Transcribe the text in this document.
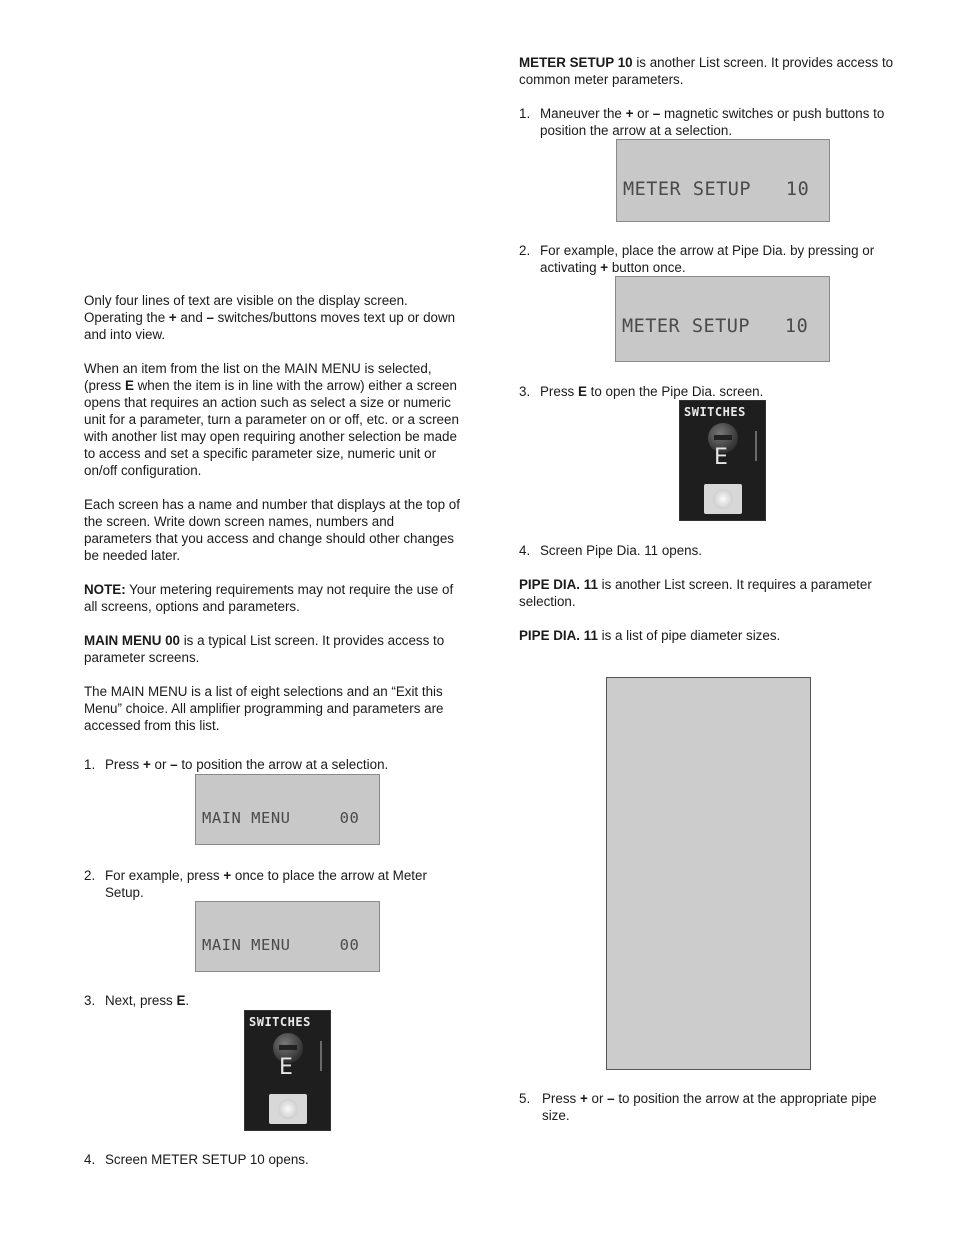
Only four lines of text are visible on the display screen. Operating the + and – switches/buttons moves text up or down and into view.

When an item from the list on the MAIN MENU is selected, (press E when the item is in line with the arrow) either a screen opens that requires an action such as select a size or numeric unit for a parameter, turn a parameter on or off, etc. or a screen with another list may open requiring another selection be made to access and set a specific parameter size, numeric unit or on/off configuration.

Each screen has a name and number that displays at the top of the screen. Write down screen names, numbers and parameters that you access and change should other changes be needed later.

NOTE: Your metering requirements may not require the use of all screens, options and parameters.

MAIN MENU 00 is a typical List screen. It provides access to parameter screens.

The MAIN MENU is a list of eight selections and an “Exit this Menu” choice. All amplifier programming and parameters are accessed from this list.

1. Press + or – to position the arrow at a selection.

MAIN MENU     00

2. For example, press + once to place the arrow at Meter Setup.

MAIN MENU     00

3. Next, press E.
SWITCHES
E
4. Screen METER SETUP 10 opens.

METER SETUP 10 is another List screen. It provides access to common meter parameters.

1. Maneuver the + or – magnetic switches or push buttons to position the arrow at a selection.

METER SETUP   10

2. For example, place the arrow at Pipe Dia. by pressing or activating + button once.

METER SETUP   10

3. Press E to open the Pipe Dia. screen.
SWITCHES
E
4. Screen Pipe Dia. 11 opens.

PIPE DIA. 11 is another List screen. It requires a parameter selection.

PIPE DIA. 11 is a list of pipe diameter sizes.

5. Press + or – to position the arrow at the appropriate pipe size.
